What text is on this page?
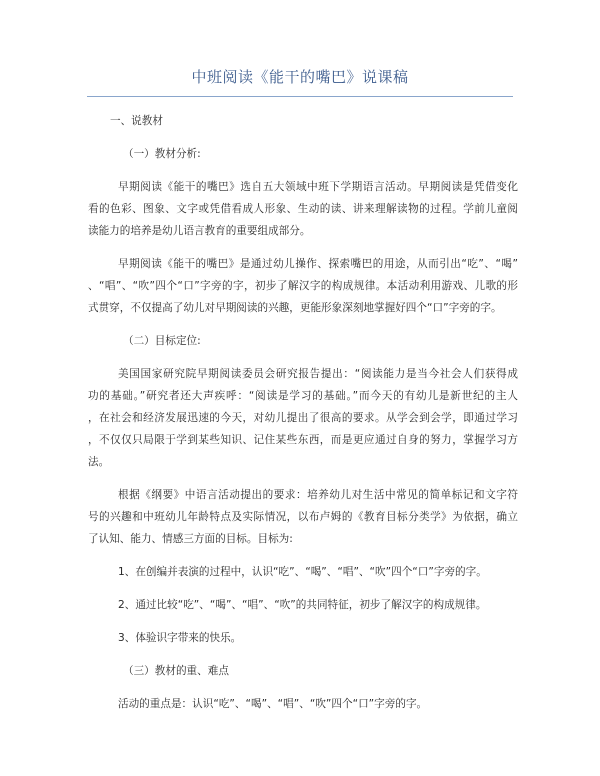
中班阅读《能干的嘴巴》说课稿
一、说教材
（一）教材分析:
早期阅读《能干的嘴巴》选自五大领域中班下学期语言活动。早期阅读是凭借变化
看的色彩、图象、文字或凭借看成人形象、生动的读、讲来理解读物的过程。学前儿童阅
读能力的培养是幼儿语言教育的重要组成部分。
早期阅读《能干的嘴巴》是通过幼儿操作、探索嘴巴的用途，从而引出“吃”、“喝”
、“唱”、“吹”四个“口”字旁的字，初步了解汉字的构成规律。本活动利用游戏、儿歌的形
式贯穿，不仅提高了幼儿对早期阅读的兴趣，更能形象深刻地掌握好四个“口”字旁的字。
（二）目标定位:
美国国家研究院早期阅读委员会研究报告提出：“阅读能力是当今社会人们获得成
功的基础。”研究者还大声疾呼：“阅读是学习的基础。”而今天的有幼儿是新世纪的主人
，在社会和经济发展迅速的今天，对幼儿提出了很高的要求。从学会到会学，即通过学习
，不仅仅只局限于学到某些知识、记住某些东西，而是更应通过自身的努力，掌握学习方
法。
根据《纲要》中语言活动提出的要求：培养幼儿对生活中常见的简单标记和文字符
号的兴趣和中班幼儿年龄特点及实际情况，以布卢姆的《教育目标分类学》为依据，确立
了认知、能力、情感三方面的目标。目标为:
1、在创编并表演的过程中，认识“吃”、“喝”、“唱”、“吹”四个“口”字旁的字。
2、通过比较“吃”、“喝”、“唱”、“吹”的共同特征，初步了解汉字的构成规律。
3、体验识字带来的快乐。
（三）教材的重、难点
活动的重点是：认识“吃”、“喝”、“唱”、“吹”四个“口”字旁的字。
